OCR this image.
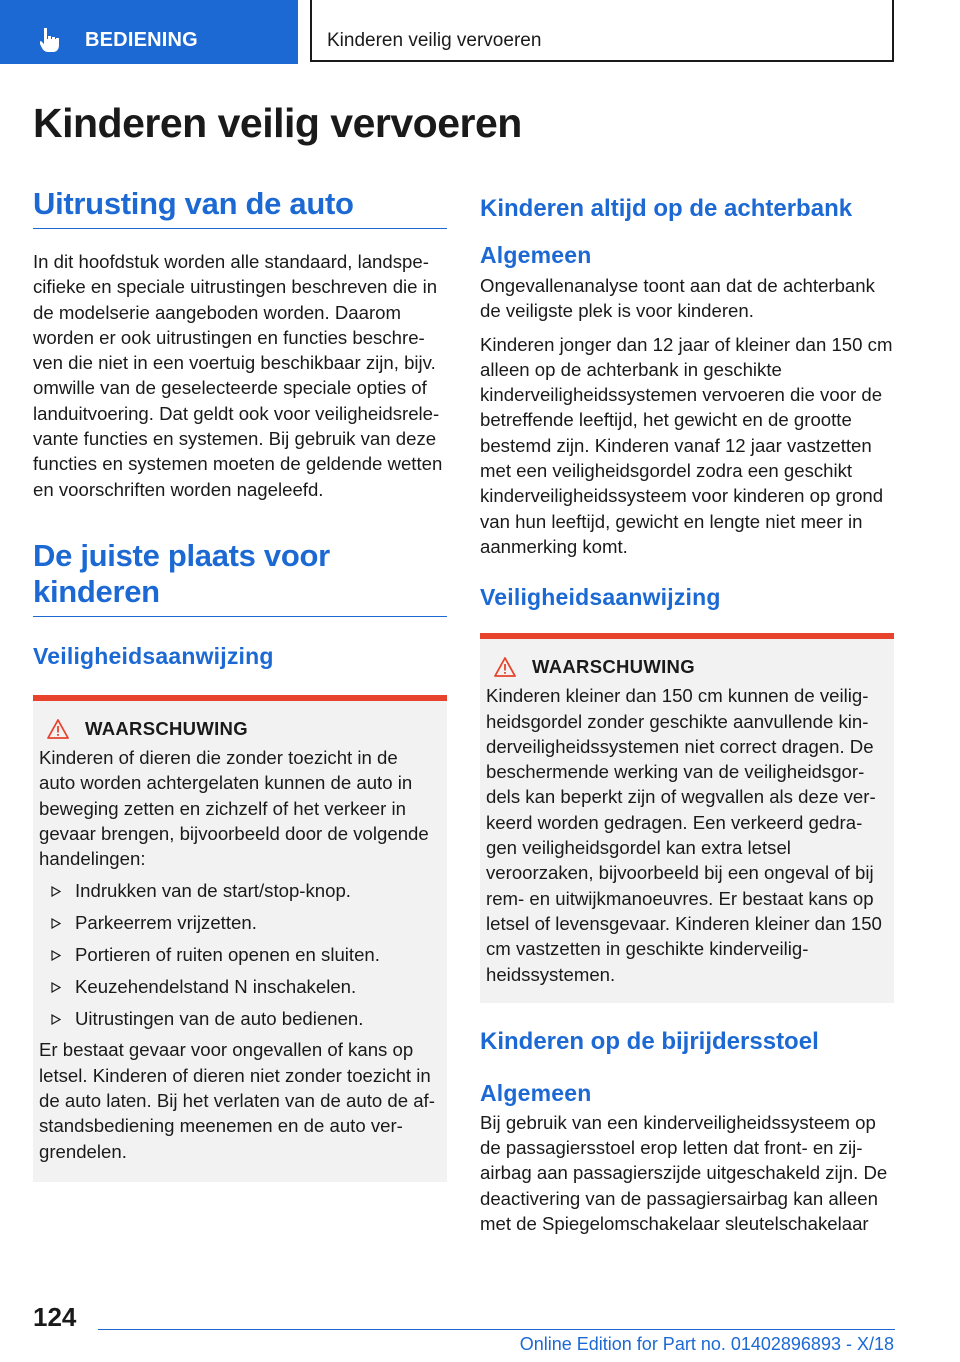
BEDIENING	Kinderen veilig vervoeren
Kinderen veilig vervoeren
Uitrusting van de auto

In dit hoofdstuk worden alle standaard, landspecifieke en speciale uitrustingen beschreven die in de modelserie aangeboden worden. Daarom worden er ook uitrustingen en functies beschreven die niet in een voertuig beschikbaar zijn, bijv. omwille van de geselecteerde speciale opties of landuitvoering. Dat geldt ook voor veiligheidsrelevante functies en systemen. Bij gebruik van deze functies en systemen moeten de geldende wetten en voorschriften worden nageleefd.

De juiste plaats voor kinderen
Veiligheidsaanwijzing
WAARSCHUWING

Kinderen of dieren die zonder toezicht in de auto worden achtergelaten kunnen de auto in beweging zetten en zichzelf of het verkeer in gevaar brengen, bijvoorbeeld door de volgende handelingen:

Indrukken van de start/stop-knop.
Parkeerrem vrijzetten.
Portieren of ruiten openen en sluiten.
Keuzehendelstand N inschakelen.
Uitrustingen van de auto bedienen.

Er bestaat gevaar voor ongevallen of kans op letsel. Kinderen of dieren niet zonder toezicht in de auto laten. Bij het verlaten van de auto de afstandsbediening meenemen en de auto vergrendelen.

Kinderen altijd op de achterbank
Algemeen

Ongevallenanalyse toont aan dat de achterbank de veiligste plek is voor kinderen.

Kinderen jonger dan 12 jaar of kleiner dan 150 cm alleen op de achterbank in geschikte kinderveiligheidssystemen vervoeren die voor de betreffende leeftijd, het gewicht en de grootte bestemd zijn. Kinderen vanaf 12 jaar vastzetten met een veiligheidsgordel zodra een geschikt kinderveiligheidssysteem voor kinderen op grond van hun leeftijd, gewicht en lengte niet meer in aanmerking komt.

Veiligheidsaanwijzing
WAARSCHUWING

Kinderen kleiner dan 150 cm kunnen de veiligheidsgordel zonder geschikte aanvullende kinderveiligheidssystemen niet correct dragen. De beschermende werking van de veiligheidsgordels kan beperkt zijn of wegvallen als deze verkeerd worden gedragen. Een verkeerd gedragen veiligheidsgordel kan extra letsel veroorzaken, bijvoorbeeld bij een ongeval of bij rem- en uitwijkmanoeuvres. Er bestaat kans op letsel of levensgevaar. Kinderen kleiner dan 150 cm vastzetten in geschikte kinderveiligheidssystemen.

Kinderen op de bijrijdersstoel
Algemeen

Bij gebruik van een kinderveiligheidssysteem op de passagiersstoel erop letten dat front- en zijairbag aan passagierszijde uitgeschakeld zijn. De deactivering van de passagiersairbag kan alleen met de Spiegelomschakelaar sleutelschakelaar

124
Online Edition for Part no. 01402896893 - X/18
